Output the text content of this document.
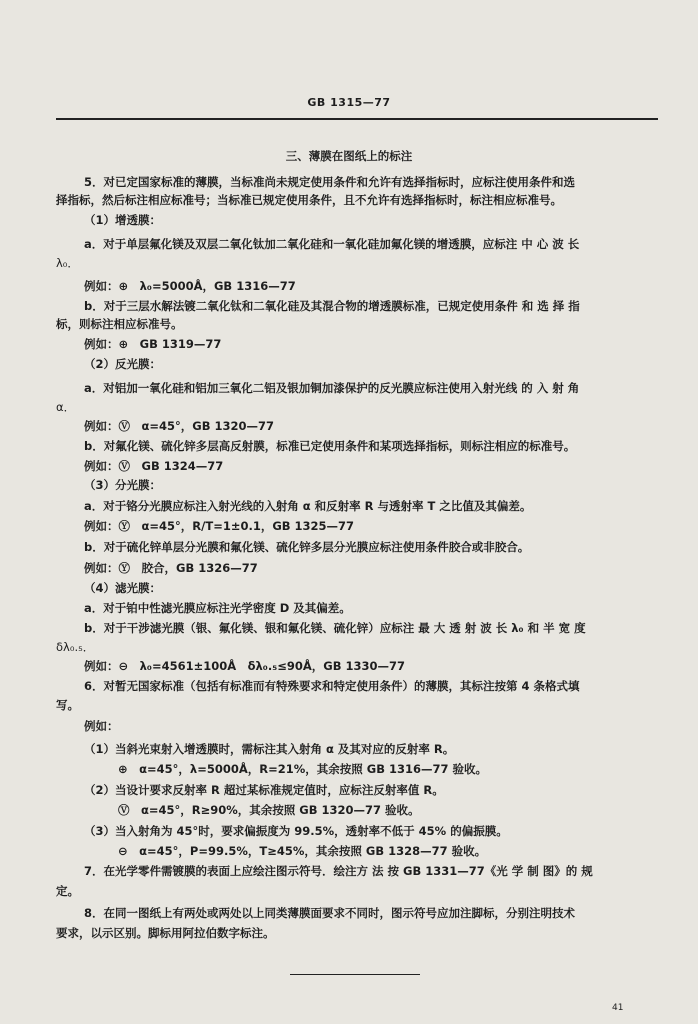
GB 1315—77
三、薄膜在图纸上的标注
5．对已定国家标准的薄膜，当标准尚未规定使用条件和允许有选择指标时，应标注使用条件和选
择指标，然后标注相应标准号；当标准已规定使用条件，且不允许有选择指标时，标注相应标准号。
（1）增透膜：
a．对于单层氟化镁及双层二氧化钛加二氧化硅和一氧化硅加氟化镁的增透膜，应标注 中 心 波 长
λ₀．
例如：⊕　λ₀=5000Å，GB 1316—77
b．对于三层水解法镀二氧化钛和二氧化硅及其混合物的增透膜标准，已规定使用条件 和 选 择 指
标，则标注相应标准号。
例如：⊕　GB 1319—77
（2）反光膜：
a．对铝加一氧化硅和铝加三氧化二铝及银加铜加漆保护的反光膜应标注使用入射光线 的 入 射 角
α．
例如：Ⓥ　α=45°，GB 1320—77
b．对氟化镁、硫化锌多层高反射膜，标准已定使用条件和某项选择指标，则标注相应的标准号。
例如：Ⓥ　GB 1324—77
（3）分光膜：
a．对于铬分光膜应标注入射光线的入射角 α 和反射率 R 与透射率 T 之比值及其偏差。
例如：Ⓨ　α=45°，R/T=1±0.1，GB 1325—77
b．对于硫化锌单层分光膜和氟化镁、硫化锌多层分光膜应标注使用条件胶合或非胶合。
例如：Ⓨ　胶合，GB 1326—77
（4）滤光膜：
a．对于铂中性滤光膜应标注光学密度 D 及其偏差。
b．对于干涉滤光膜（银、氟化镁、银和氟化镁、硫化锌）应标注 最 大 透 射 波 长 λ₀ 和 半 宽 度
δλ₀.₅．
例如：⊖　λ₀=4561±100Å　δλ₀.₅≤90Å，GB 1330—77
6．对暂无国家标准（包括有标准而有特殊要求和特定使用条件）的薄膜，其标注按第 4 条格式填
写。
例如：
（1）当斜光束射入增透膜时，需标注其入射角 α 及其对应的反射率 R。
⊕　α=45°，λ=5000Å，R=21%，其余按照 GB 1316—77 验收。
（2）当设计要求反射率 R 超过某标准规定值时，应标注反射率值 R。
Ⓥ　α=45°，R≥90%，其余按照 GB 1320—77 验收。
（3）当入射角为 45°时，要求偏振度为 99.5%，透射率不低于 45% 的偏振膜。
⊖　α=45°，P=99.5%，T≥45%，其余按照 GB 1328—77 验收。
7．在光学零件需镀膜的表面上应绘注图示符号．绘注方 法 按 GB 1331—77《光 学 制 图》的 规
定。
8．在同一图纸上有两处或两处以上同类薄膜面要求不同时，图示符号应加注脚标，分别注明技术
要求，以示区别。脚标用阿拉伯数字标注。
41
